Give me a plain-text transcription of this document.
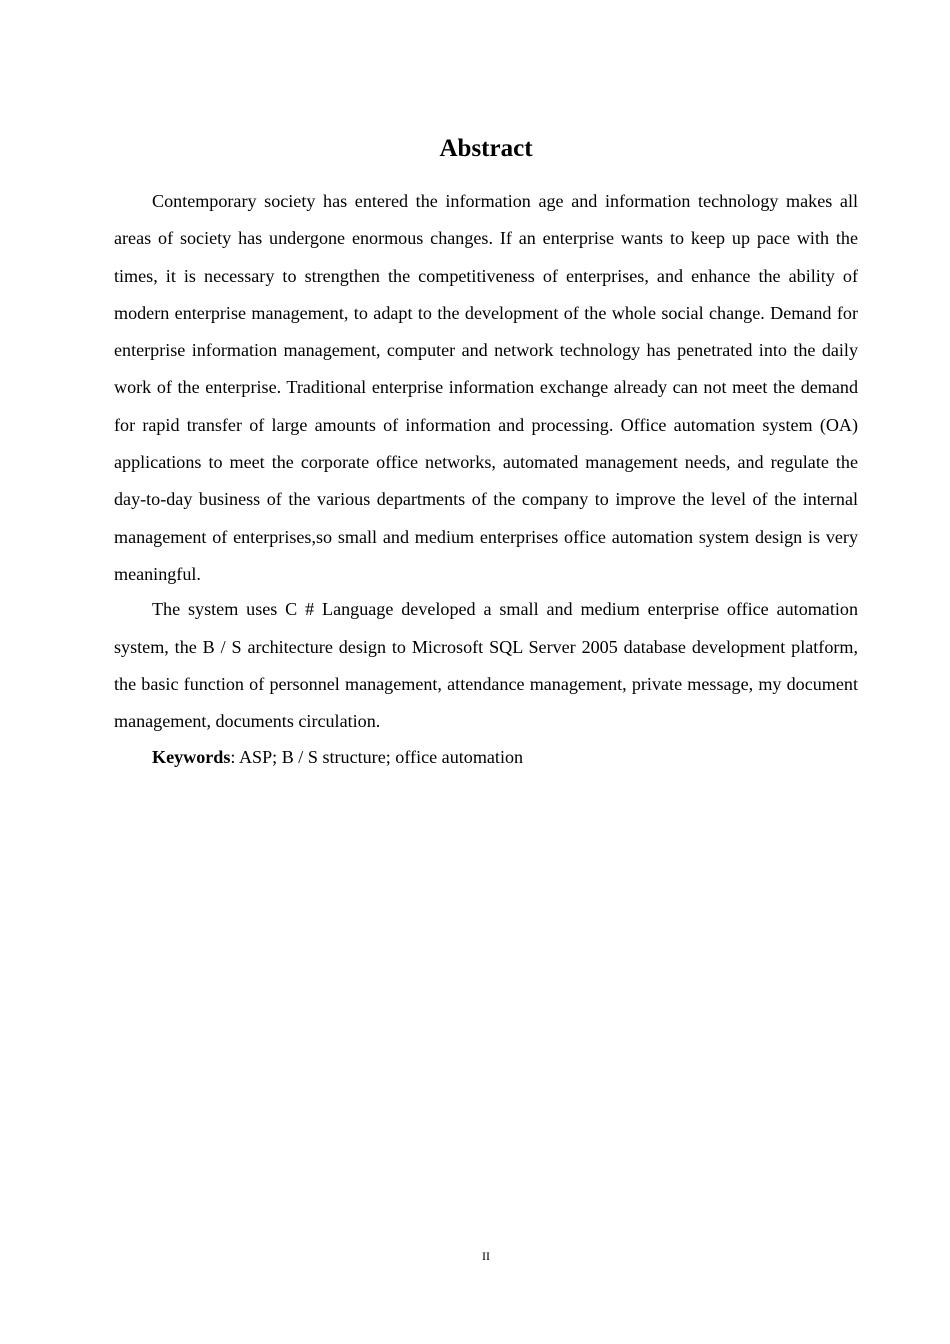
Abstract

Contemporary society has entered the information age and information technology makes all areas of society has undergone enormous changes. If an enterprise wants to keep up pace with the times, it is necessary to strengthen the competitiveness of enterprises, and enhance the ability of modern enterprise management, to adapt to the development of the whole social change. Demand for enterprise information management, computer and network technology has penetrated into the daily work of the enterprise. Traditional enterprise information exchange already can not meet the demand for rapid transfer of large amounts of information and processing. Office automation system (OA) applications to meet the corporate office networks, automated management needs, and regulate the day-to-day business of the various departments of the company to improve the level of the internal management of enterprises,so small and medium enterprises office automation system design is very meaningful.

The system uses C # Language developed a small and medium enterprise office automation system, the B / S architecture design to Microsoft SQL Server 2005 database development platform, the basic function of personnel management, attendance management, private message, my document management, documents circulation.

Keywords: ASP; B / S structure; office automation

II
